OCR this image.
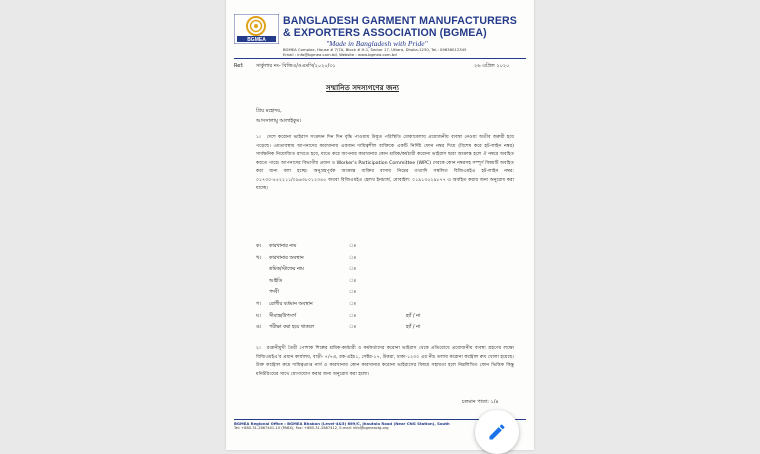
BGMEA
BANGLADESH GARMENT MANUFACTURERS
& EXPORTERS ASSOCIATION (BGMEA)
"Made in Bangladesh with Pride"
BGMEA Complex, House # 7/7A, Block # H-1, Sector 17, Uttara, Dhaka-1230, Tel.: 09638012345
Email : info@bgmea.com.bd, Website : www.bgmea.com.bd
Ref: সার্কুলার নং- বিজিএ/ওএমসি/২০২০/৩১	২৬ এপ্রিল ২০২০
সম্মানিত সদস্যগণের জন্য
প্রিয় মহোদয়,
আসসালামু আলাইকুম।
১। দেশে করোনা ভাইরাস সংক্রমন দিন দিন বৃদ্ধি পাওয়ায় উদ্ভূত পরিস্থিতি মোকাবেলায় প্রয়োজনীয় ব্যবস্থা নেওয়া অতীব জরুরী হয়ে পড়েছে। এমতাবস্থায় আপনাদের কারখানায় একজন দায়িত্বশীল ব্যক্তিকে একটি নির্দিষ্ট ফোন নম্বর দিয়ে (বিশেষ করে হট-লাইন নম্বর) সার্বক্ষনিক নিয়োজিত রাখতে হবে, যাতে করে আপনার কারখানার কোন শ্রমিক/কর্মচারী করোনা ভাইরাস দ্বারা আক্রান্ত হলে ঐ নম্বরে অবহিত করতে পারে। আপনাদের বিভাগীয় প্রধান ও Worker's Participation Committee (WPC) দেরকে কোন নম্বরসহ সম্পূর্ণ বিষয়টি অবহিত করা জন্য বলা হচ্ছে। অনুগ্রহপূর্বক আক্রান্ত ব্যক্তির বাসায় নিম্নের তথ্যাদি সম্বলিত বিজিএমইএ হট-লাইন নম্বর: ০১৭৩০-৫৫২২১১/০৯৬৩৮০১২৩৪৫ অথবা বিজিএমইএ হেলথ ইনচার্জ, মোবাইল: ০১৯১৩৫২৯৮৭৭ এ অবহিত করার জন্য অনুরোধ করা যাচ্ছে।
২। রপ্তানীমুখী তৈরী পোশাক শিল্পের শ্রমিক-কর্মচারী ও কর্মকর্তাদের করোনা ভাইরাস থেকে প্রতিরোধে প্রয়োজনীয় ব্যবস্থা গ্রহণের লক্ষ্যে বিজিএমইএ'র প্রধান কার্যালয়, বাড়ী- ৭/৭এ, রক-এইচ১, সেক্টর-১৭, উত্তরা, ঢাকা-১২৩০ এর নীচ তলায় করোনা কন্ট্রোল রুম খোলা হয়েছে। উক্ত কন্ট্রোল রুমে দায়িত্বপ্রাপ্ত নার্স ও কারখানায় কোন কারখানার করোনা ভাইরাসের বিষয়ে সহায়তা হলে নিম্নলিখিত ফোন ভিত্তিক কিন্তু মনিটরিংয়ের সাথে যোগাযোগ করার জন্য অনুরোধ করা হলো।
চলমান পাতা: ১/৪
BGMEA Regional Office : BGMEA Bhaban (Level-4&5) 669/C, Jhautala Road (Near CNG Station), South
Tel: +880-31-2867401-10 (PABX), Fax: +880-31-2867412, E-mail: info@bgmeactg.org
ক।	কারখানার নাম	ঃ
খ।	কারখানার অবস্থান	ঃ
শ্রমিক/স্টাফের নাম	ঃ
আইডি	ঃ
পদবী	ঃ
গ।	রোগীর বর্তমান অবস্থান	ঃ
ঘ।	সীমান্ত্র/উপসর্গ	ঃ	হ্যাঁ / না
ঙ।	পরীক্ষা করা হয়ে থাকলে	ঃ	হ্যাঁ / না
